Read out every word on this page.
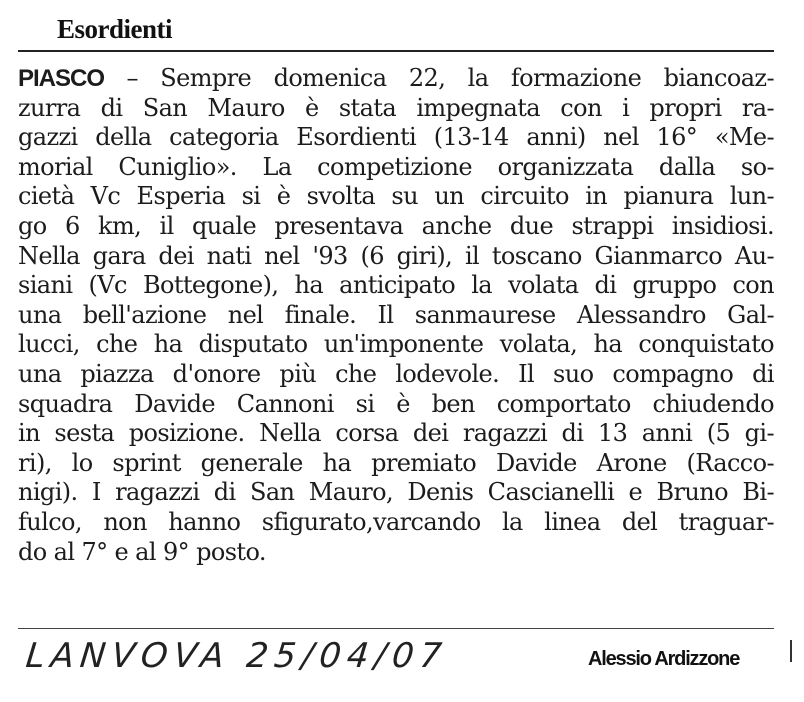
Esordienti
PIASCO – Sempre domenica 22, la formazione biancoaz-
zurra di San Mauro è stata impegnata con i propri ra-
gazzi della categoria Esordienti (13-14 anni) nel 16° «Me-
morial Cuniglio». La competizione organizzata dalla so-
cietà Vc Esperia si è svolta su un circuito in pianura lun-
go 6 km, il quale presentava anche due strappi insidiosi.
Nella gara dei nati nel '93 (6 giri), il toscano Gianmarco Au-
siani (Vc Bottegone), ha anticipato la volata di gruppo con
una bell'azione nel finale. Il sanmaurese Alessandro Gal-
lucci, che ha disputato un'imponente volata, ha conquistato
una piazza d'onore più che lodevole. Il suo compagno di
squadra Davide Cannoni si è ben comportato chiudendo
in sesta posizione. Nella corsa dei ragazzi di 13 anni (5 gi-
ri), lo sprint generale ha premiato Davide Arone (Racco-
nigi). I ragazzi di San Mauro, Denis Cascianelli e Bruno Bi-
fulco, non hanno sfigurato,varcando la linea del traguar-
do al 7° e al 9° posto.
LANVOVA 25/04/07	Alessio Ardizzone
